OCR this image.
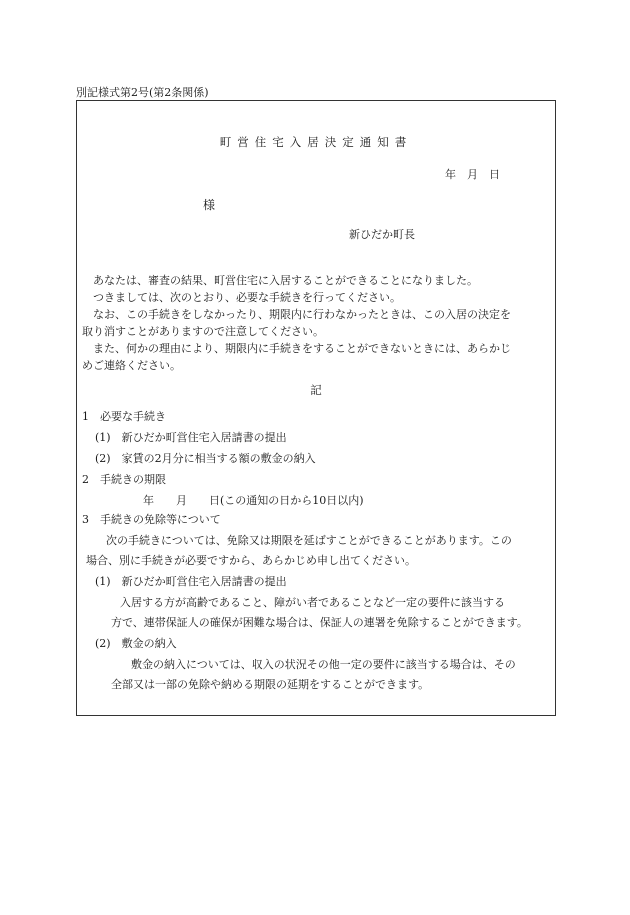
別記様式第2号(第2条関係)
町営住宅入居決定通知書
年　月　日
様
新ひだか町長
あなたは、審査の結果、町営住宅に入居することができることになりました。
つきましては、次のとおり、必要な手続きを行ってください。
なお、この手続きをしなかったり、期限内に行わなかったときは、この入居の決定を
取り消すことがありますので注意してください。
また、何かの理由により、期限内に手続きをすることができないときには、あらかじ
めご連絡ください。
記
1　必要な手続き
(1)　新ひだか町営住宅入居請書の提出
(2)　家賃の2月分に相当する額の敷金の納入
2　手続きの期限
年　　月　　日(この通知の日から10日以内)
3　手続きの免除等について
次の手続きについては、免除又は期限を延ばすことができることがあります。この
場合、別に手続きが必要ですから、あらかじめ申し出てください。
(1)　新ひだか町営住宅入居請書の提出
入居する方が高齢であること、障がい者であることなど一定の要件に該当する
方で、連帯保証人の確保が困難な場合は、保証人の連署を免除することができます。
(2)　敷金の納入
敷金の納入については、収入の状況その他一定の要件に該当する場合は、その
全部又は一部の免除や納める期限の延期をすることができます。
